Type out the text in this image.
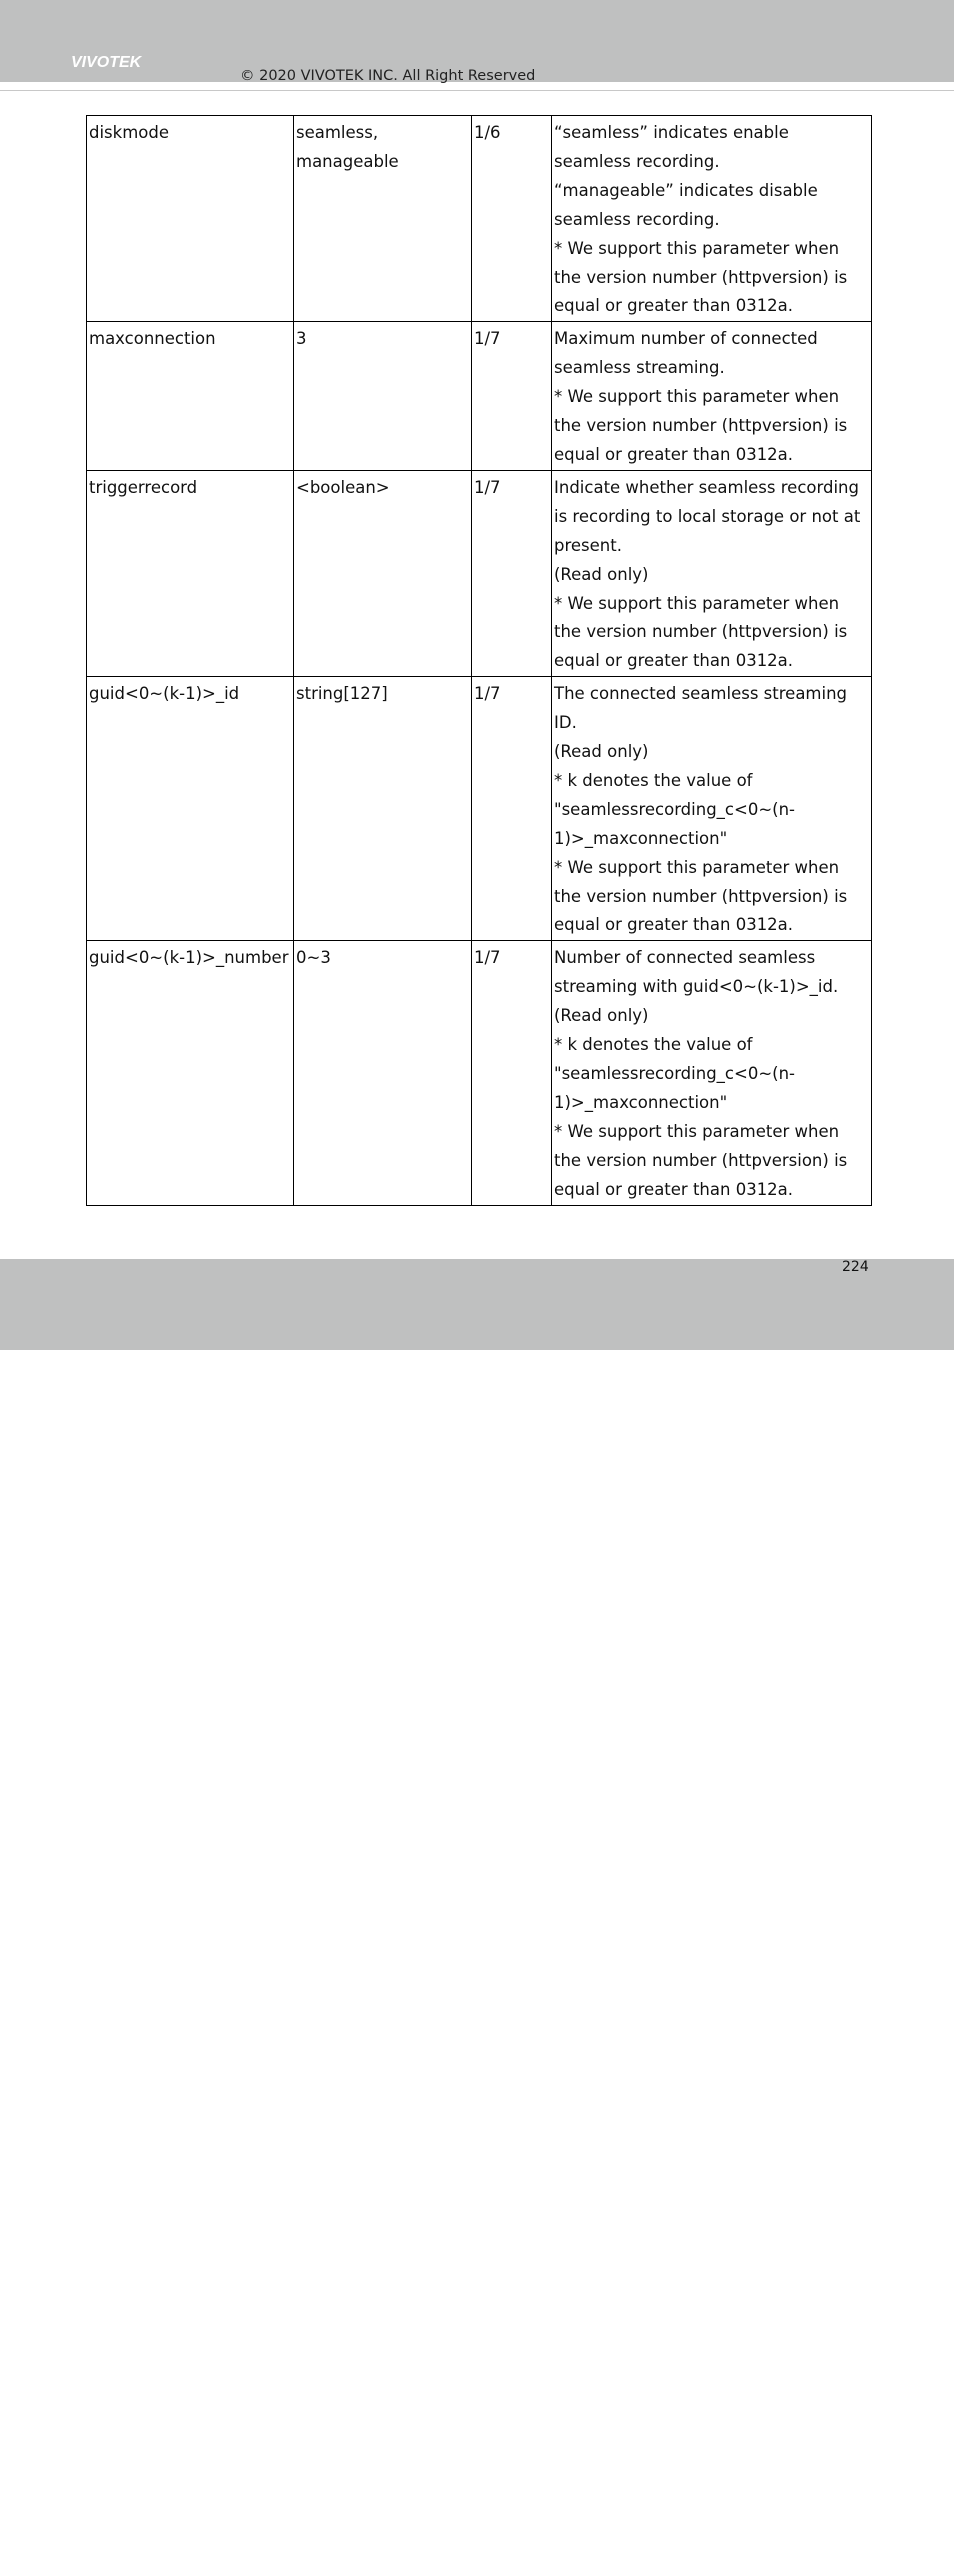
VIVOTEK
© 2020 VIVOTEK INC. All Right Reserved
diskmode	seamless, manageable	1/6	“seamless” indicates enable seamless recording.
“manageable” indicates disable seamless recording.
* We support this parameter when the version number (httpversion) is equal or greater than 0312a.

maxconnection	3	1/7	Maximum number of connected seamless streaming.
* We support this parameter when the version number (httpversion) is equal or greater than 0312a.

triggerrecord	<boolean>	1/7	Indicate whether seamless recording is recording to local storage or not at present.
(Read only)
* We support this parameter when the version number (httpversion) is equal or greater than 0312a.

guid<0~(k-1)>_id	string[127]	1/7	The connected seamless streaming ID.
(Read only)
* k denotes the value of "seamlessrecording_c<0~(n-1)>_maxconnection"
* We support this parameter when the version number (httpversion) is equal or greater than 0312a.

guid<0~(k-1)>_number	0~3	1/7	Number of connected seamless streaming with guid<0~(k-1)>_id.
(Read only)
* k denotes the value of "seamlessrecording_c<0~(n-1)>_maxconnection"
* We support this parameter when the version number (httpversion) is equal or greater than 0312a.
378 - User's Manual
224
